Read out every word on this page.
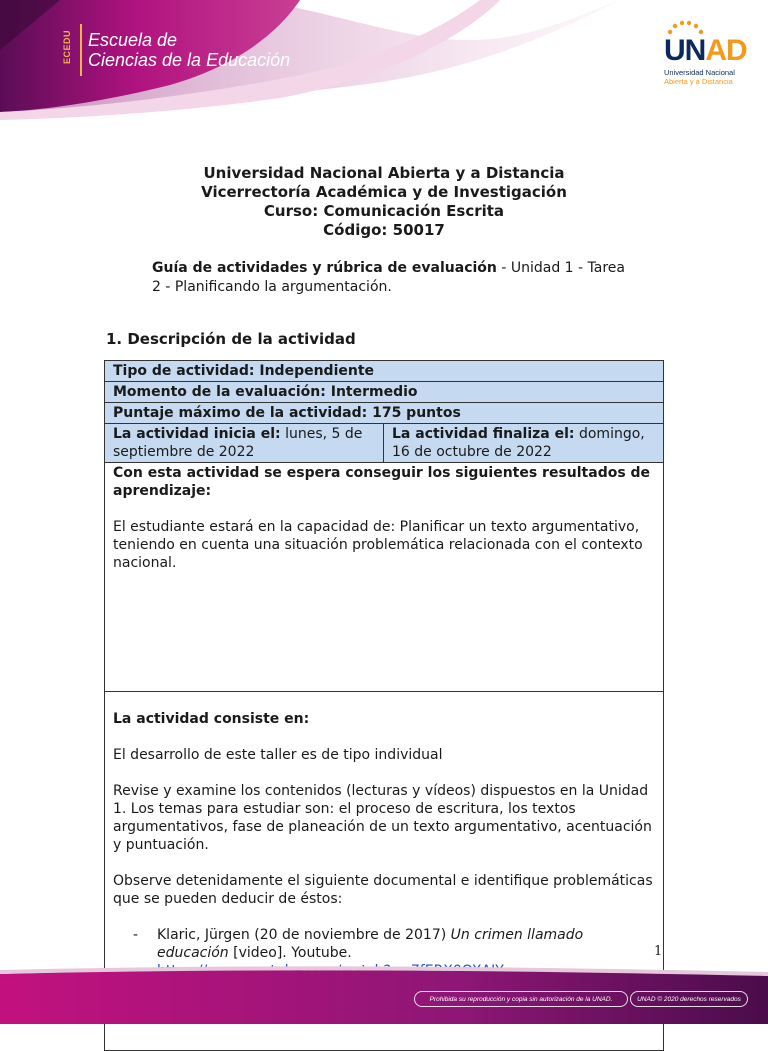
ECEDU Escuela de
Ciencias de la Educación	UNAD
Universidad Nacional
Abierta y a Distancia
Universidad Nacional Abierta y a Distancia
Vicerrectoría Académica y de Investigación
Curso: Comunicación Escrita
Código: 50017
Guía de actividades y rúbrica de evaluación - Unidad 1 - Tarea 2 - Planificando la argumentación.
1. Descripción de la actividad
Tipo de actividad: Independiente
Momento de la evaluación: Intermedio
Puntaje máximo de la actividad: 175 puntos
La actividad inicia el: lunes, 5 de septiembre de 2022
La actividad finaliza el: domingo, 16 de octubre de 2022

Con esta actividad se espera conseguir los siguientes resultados de aprendizaje:

El estudiante estará en la capacidad de: Planificar un texto argumentativo, teniendo en cuenta una situación problemática relacionada con el contexto nacional.

La actividad consiste en:

El desarrollo de este taller es de tipo individual

Revise y examine los contenidos (lecturas y vídeos) dispuestos en la Unidad 1. Los temas para estudiar son: el proceso de escritura, los textos argumentativos, fase de planeación de un texto argumentativo, acentuación y puntuación.

Observe detenidamente el siguiente documental e identifique problemáticas que se pueden deducir de éstos:

-	Klaric, Jürgen (20 de noviembre de 2017) Un crimen llamado educación [video]. Youtube.	1
Prohibida su reproducción y copia sin autorización de la UNAD.	UNAD © 2020 derechos reservados
